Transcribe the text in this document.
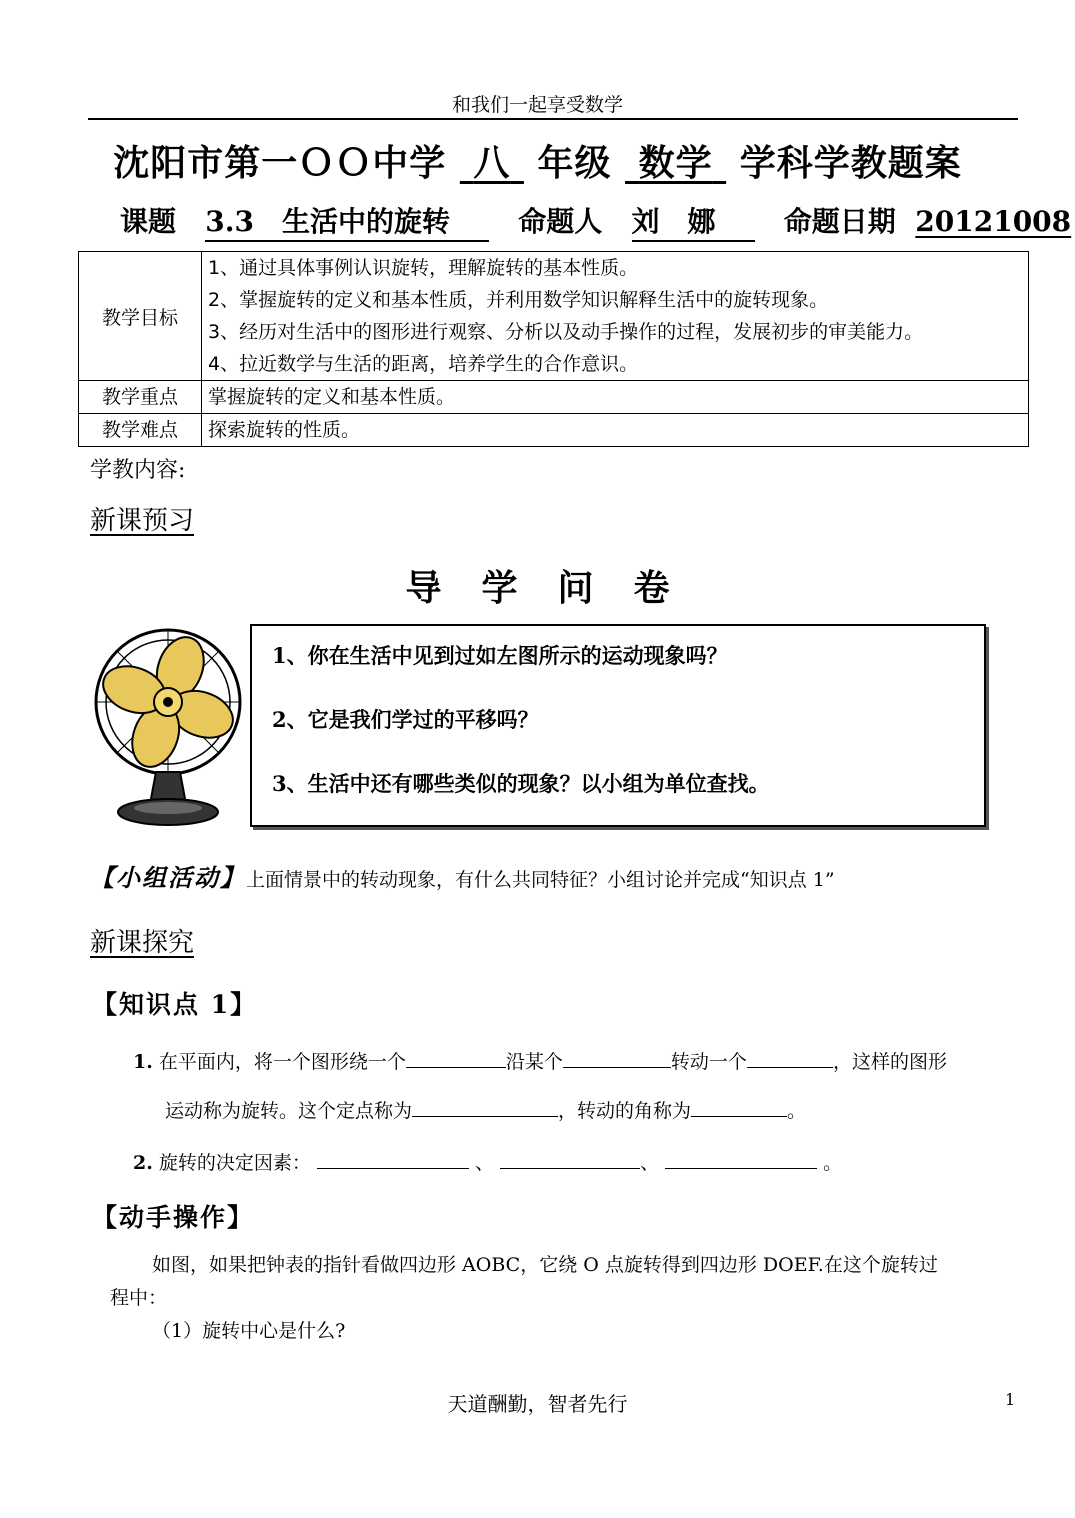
和我们一起享受数学
沈阳市第一ＯＯ中学 八 年级 数学 学科学教题案
课题 3.3　生活中的旋转 命题人 刘　娜 命题日期 20121008
教学目标	1、通过具体事例认识旋转，理解旋转的基本性质。
2、掌握旋转的定义和基本性质，并利用数学知识解释生活中的旋转现象。
3、经历对生活中的图形进行观察、分析以及动手操作的过程，发展初步的审美能力。
4、拉近数学与生活的距离，培养学生的合作意识。

教学重点	掌握旋转的定义和基本性质。

教学难点	探索旋转的性质。
学教内容:
新课预习
导学问卷
1、你在生活中见到过如左图所示的运动现象吗？
2、它是我们学过的平移吗？
3、生活中还有哪些类似的现象？以小组为单位查找。
【小组活动】上面情景中的转动现象，有什么共同特征？小组讨论并完成“知识点 1”
新课探究
【知识点 1】
1. 在平面内，将一个图形绕一个	沿某个	转动一个	，这样的图形
运动称为旋转。这个定点称为	，转动的角称为	。
2. 旋转的决定因素：	、	、	。
【动手操作】
如图，如果把钟表的指针看做四边形 AOBC，它绕 O 点旋转得到四边形 DOEF.在这个旋转过
程中：
（1）旋转中心是什么?
天道酬勤，智者先行	1
